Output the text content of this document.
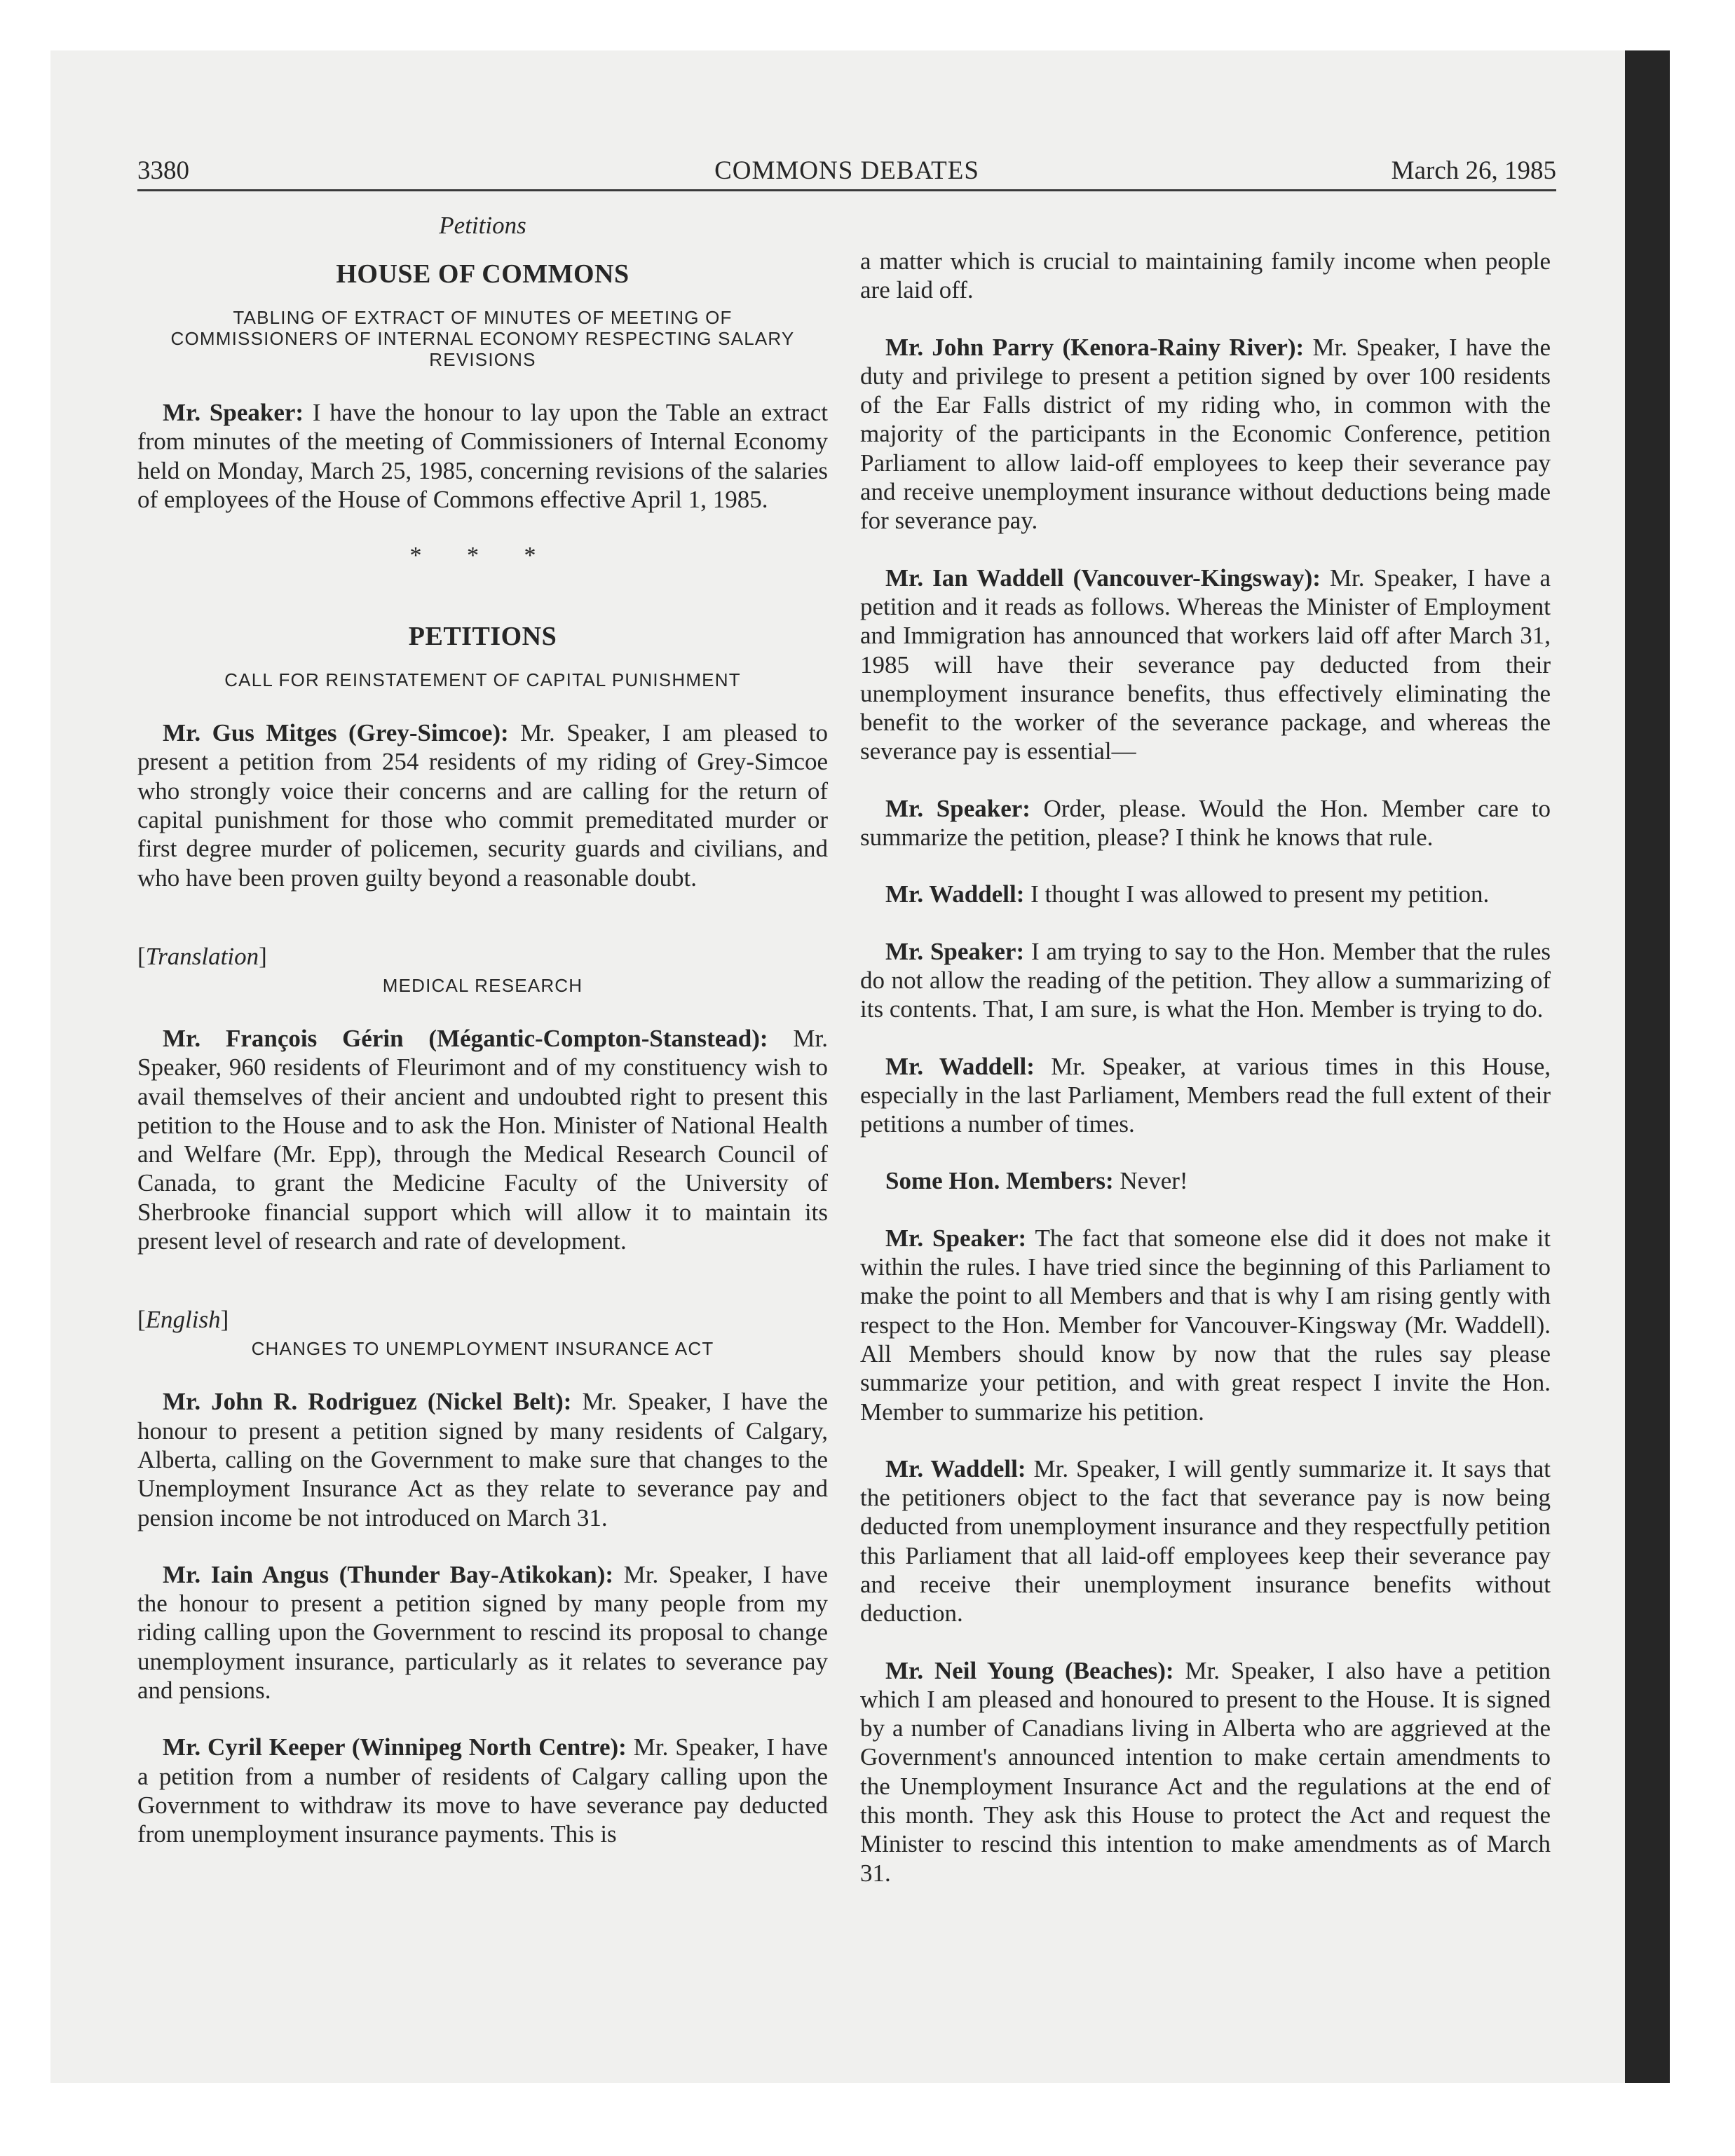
3380	COMMONS DEBATES	March 26, 1985

Petitions

HOUSE OF COMMONS

TABLING OF EXTRACT OF MINUTES OF MEETING OF COMMISSIONERS OF INTERNAL ECONOMY RESPECTING SALARY REVISIONS

Mr. Speaker: I have the honour to lay upon the Table an extract from minutes of the meeting of Commissioners of Internal Economy held on Monday, March 25, 1985, concerning revisions of the salaries of employees of the House of Commons effective April 1, 1985.

* * *

PETITIONS

CALL FOR REINSTATEMENT OF CAPITAL PUNISHMENT

Mr. Gus Mitges (Grey-Simcoe): Mr. Speaker, I am pleased to present a petition from 254 residents of my riding of Grey-Simcoe who strongly voice their concerns and are calling for the return of capital punishment for those who commit premeditated murder or first degree murder of policemen, security guards and civilians, and who have been proven guilty beyond a reasonable doubt.

[Translation]

MEDICAL RESEARCH

Mr. François Gérin (Mégantic-Compton-Stanstead): Mr. Speaker, 960 residents of Fleurimont and of my constituency wish to avail themselves of their ancient and undoubted right to present this petition to the House and to ask the Hon. Minister of National Health and Welfare (Mr. Epp), through the Medical Research Council of Canada, to grant the Medicine Faculty of the University of Sherbrooke financial support which will allow it to maintain its present level of research and rate of development.

[English]

CHANGES TO UNEMPLOYMENT INSURANCE ACT

Mr. John R. Rodriguez (Nickel Belt): Mr. Speaker, I have the honour to present a petition signed by many residents of Calgary, Alberta, calling on the Government to make sure that changes to the Unemployment Insurance Act as they relate to severance pay and pension income be not introduced on March 31.

Mr. Iain Angus (Thunder Bay-Atikokan): Mr. Speaker, I have the honour to present a petition signed by many people from my riding calling upon the Government to rescind its proposal to change unemployment insurance, particularly as it relates to severance pay and pensions.

Mr. Cyril Keeper (Winnipeg North Centre): Mr. Speaker, I have a petition from a number of residents of Calgary calling upon the Government to withdraw its move to have severance pay deducted from unemployment insurance payments. This is

a matter which is crucial to maintaining family income when people are laid off.

Mr. John Parry (Kenora-Rainy River): Mr. Speaker, I have the duty and privilege to present a petition signed by over 100 residents of the Ear Falls district of my riding who, in common with the majority of the participants in the Economic Conference, petition Parliament to allow laid-off employees to keep their severance pay and receive unemployment insurance without deductions being made for severance pay.

Mr. Ian Waddell (Vancouver-Kingsway): Mr. Speaker, I have a petition and it reads as follows. Whereas the Minister of Employment and Immigration has announced that workers laid off after March 31, 1985 will have their severance pay deducted from their unemployment insurance benefits, thus effectively eliminating the benefit to the worker of the severance package, and whereas the severance pay is essential—

Mr. Speaker: Order, please. Would the Hon. Member care to summarize the petition, please? I think he knows that rule.

Mr. Waddell: I thought I was allowed to present my petition.

Mr. Speaker: I am trying to say to the Hon. Member that the rules do not allow the reading of the petition. They allow a summarizing of its contents. That, I am sure, is what the Hon. Member is trying to do.

Mr. Waddell: Mr. Speaker, at various times in this House, especially in the last Parliament, Members read the full extent of their petitions a number of times.

Some Hon. Members: Never!

Mr. Speaker: The fact that someone else did it does not make it within the rules. I have tried since the beginning of this Parliament to make the point to all Members and that is why I am rising gently with respect to the Hon. Member for Vancouver-Kingsway (Mr. Waddell). All Members should know by now that the rules say please summarize your petition, and with great respect I invite the Hon. Member to summarize his petition.

Mr. Waddell: Mr. Speaker, I will gently summarize it. It says that the petitioners object to the fact that severance pay is now being deducted from unemployment insurance and they respectfully petition this Parliament that all laid-off employees keep their severance pay and receive their unemployment insurance benefits without deduction.

Mr. Neil Young (Beaches): Mr. Speaker, I also have a petition which I am pleased and honoured to present to the House. It is signed by a number of Canadians living in Alberta who are aggrieved at the Government's announced intention to make certain amendments to the Unemployment Insurance Act and the regulations at the end of this month. They ask this House to protect the Act and request the Minister to rescind this intention to make amendments as of March 31.
